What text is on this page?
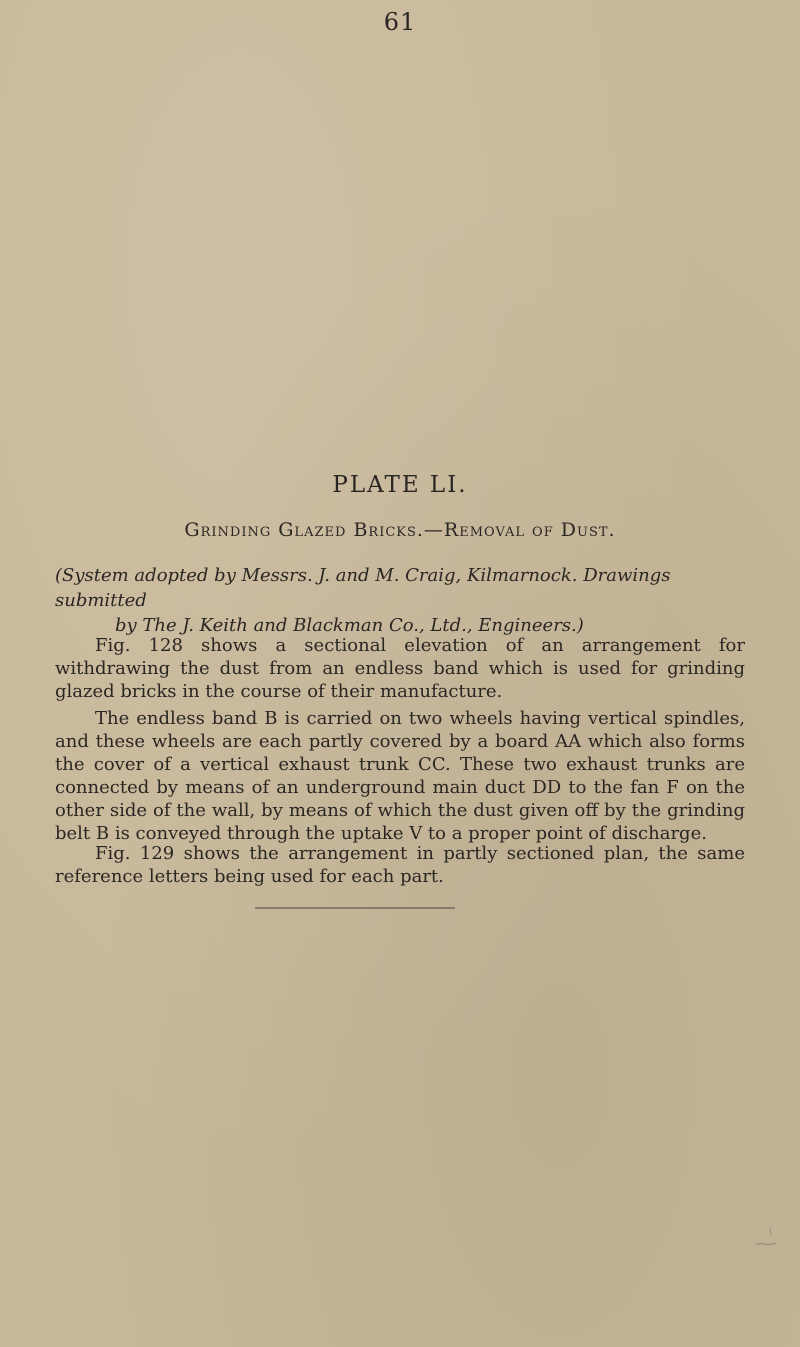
61
PLATE LI.
Grinding Glazed Bricks.—Removal of Dust.
(System adopted by Messrs. J. and M. Craig, Kilmarnock. Drawings submitted
by The J. Keith and Blackman Co., Ltd., Engineers.)

Fig. 128 shows a sectional elevation of an arrangement for withdrawing the dust from an endless band which is used for grinding glazed bricks in the course of their manufacture.

The endless band B is carried on two wheels having vertical spindles, and these wheels are each partly covered by a board AA which also forms the cover of a vertical exhaust trunk CC. These two exhaust trunks are connected by means of an underground main duct DD to the fan F on the other side of the wall, by means of which the dust given off by the grinding belt B is conveyed through the uptake V to a proper point of discharge.

Fig. 129 shows the arrangement in partly sectioned plan, the same reference letters being used for each part.
